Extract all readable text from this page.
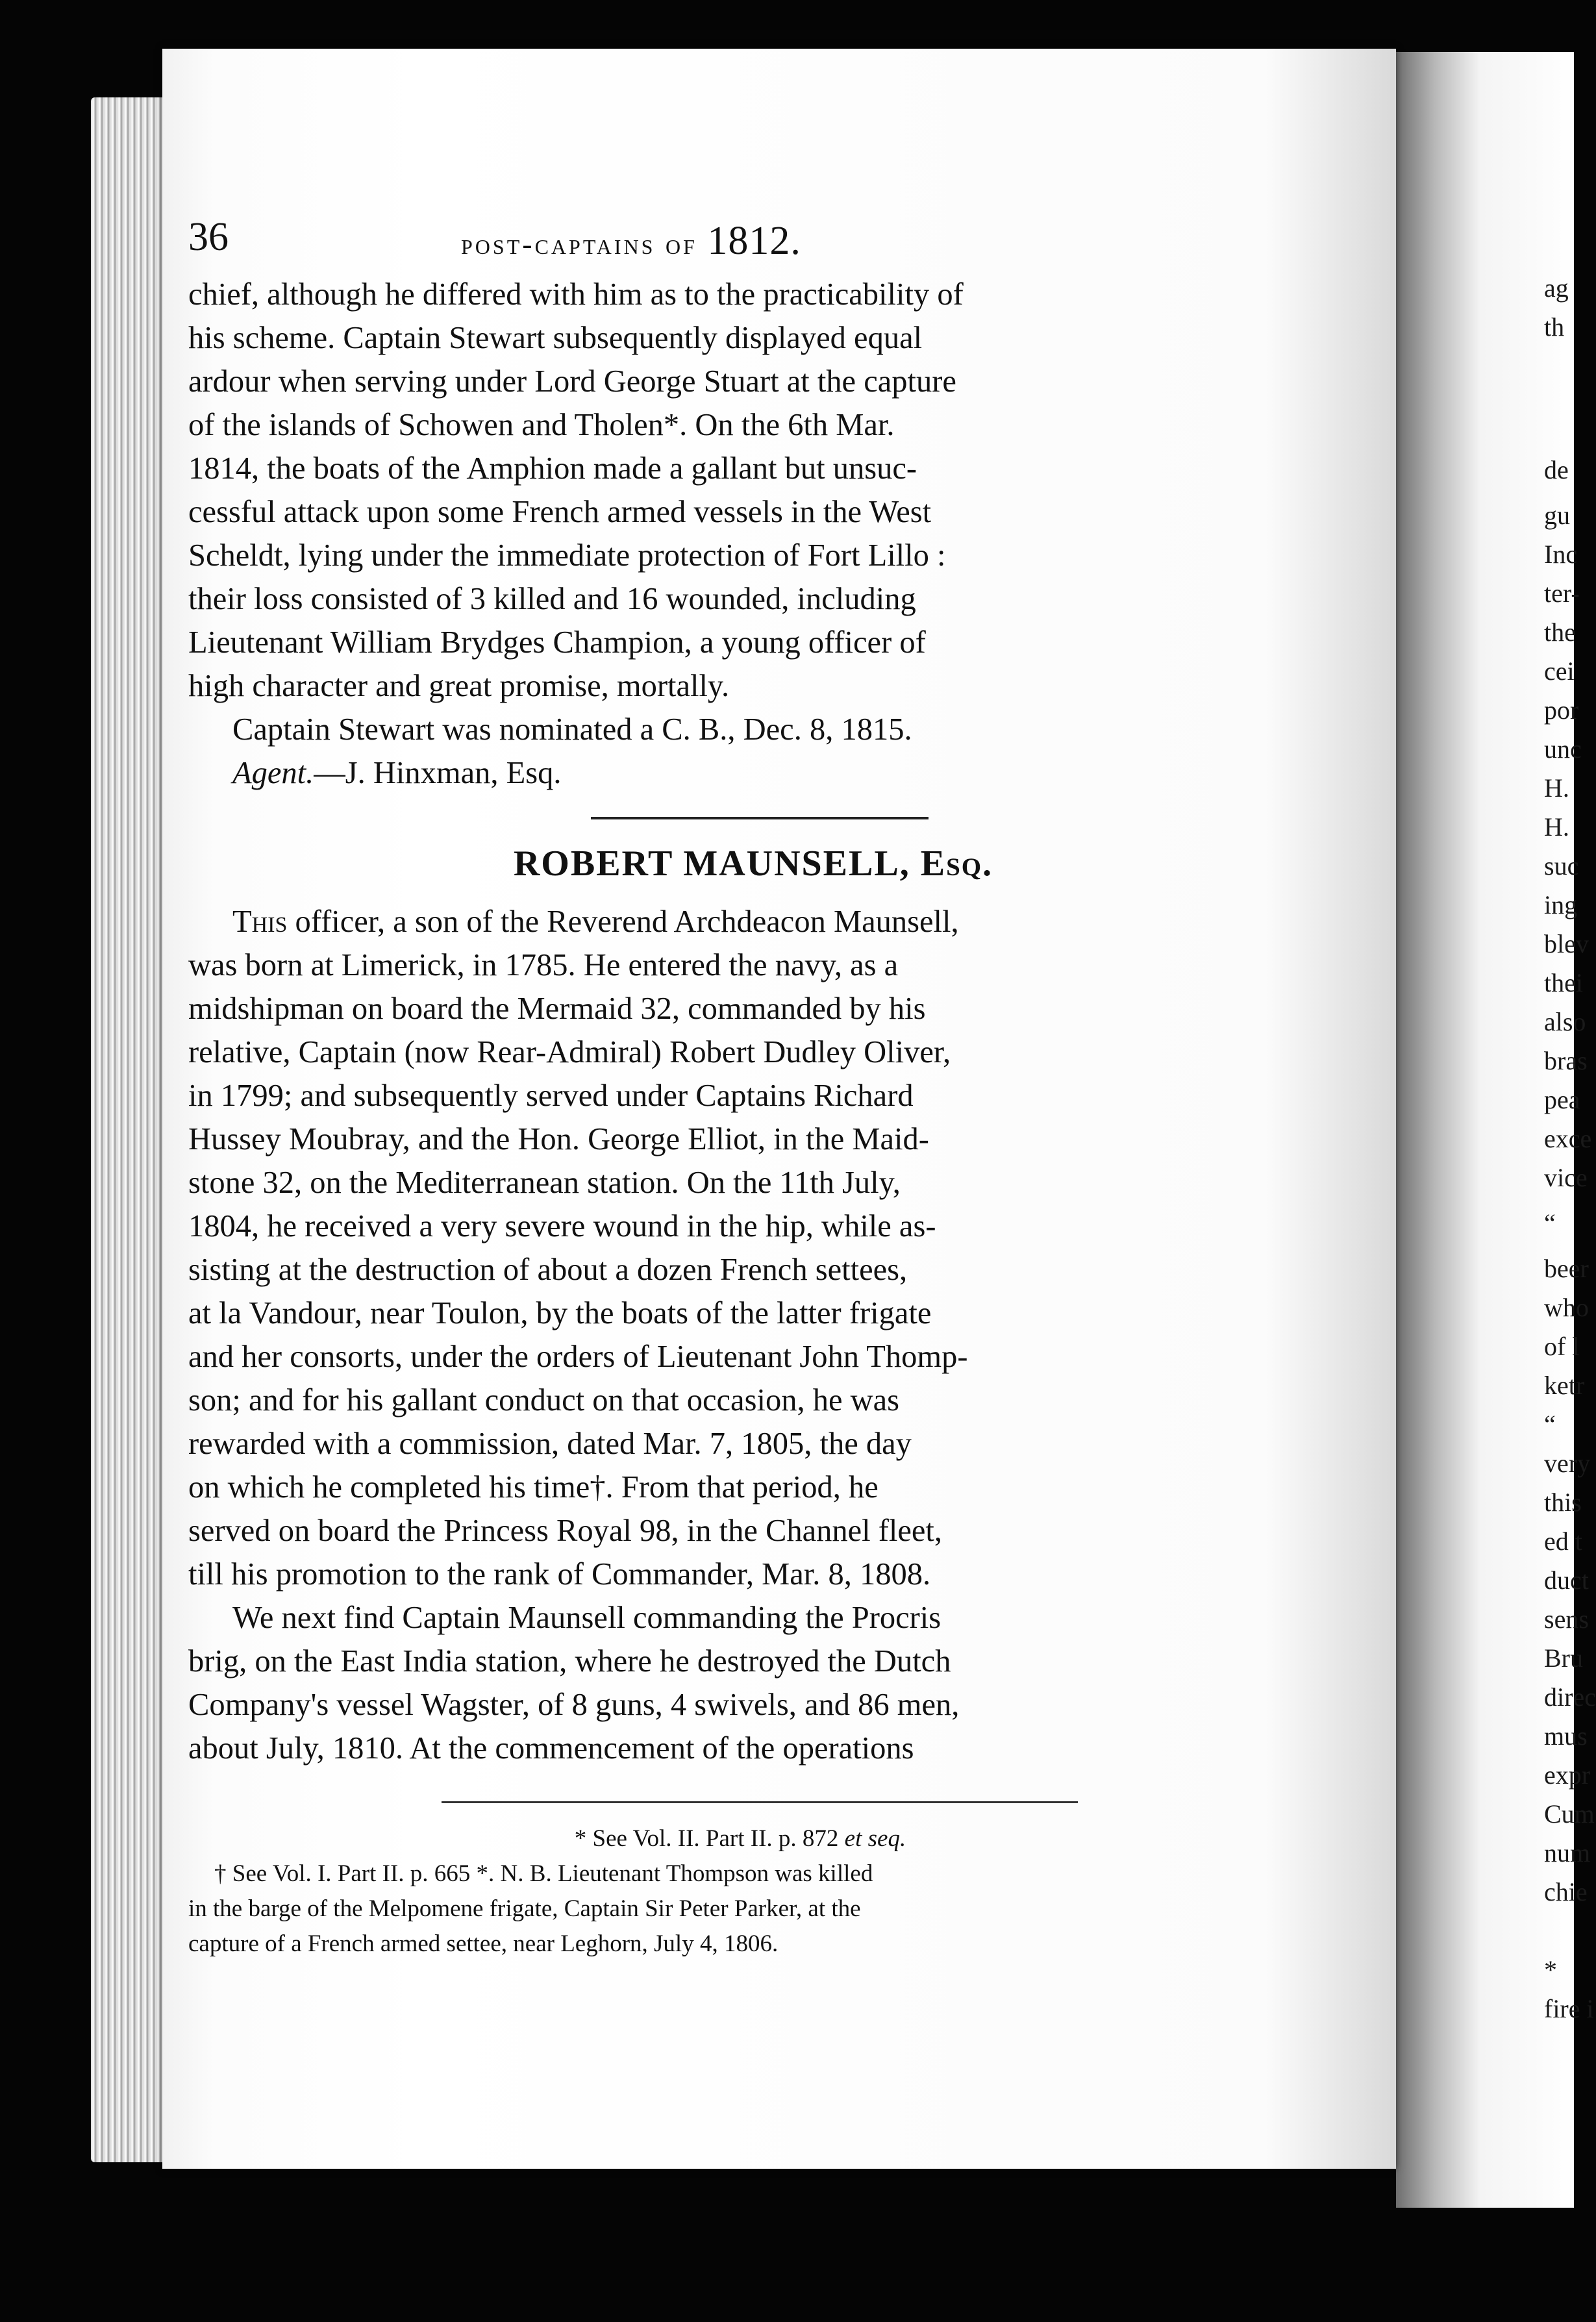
ag
th
de
gu
Inc
ter-
the
cei
por
unc
H.
H.
suc
ing
blev
thei
also
bras
pea
exce
vice
“
beer
who
of l
ketr
“
very
this
ed t
duct
sens
Bru
direc
mus
expr
Cum
num
chie
*
fire i
36	post-captains of 1812.

chief, although he differed with him as to the practicability of
his scheme. Captain Stewart subsequently displayed equal
ardour when serving under Lord George Stuart at the capture
of the islands of Schowen and Tholen*. On the 6th Mar.
1814, the boats of the Amphion made a gallant but unsuc-
cessful attack upon some French armed vessels in the West
Scheldt, lying under the immediate protection of Fort Lillo :
their loss consisted of 3 killed and 16 wounded, including
Lieutenant William Brydges Champion, a young officer of
high character and great promise, mortally.

Captain Stewart was nominated a C. B., Dec. 8, 1815.

Agent.—J. Hinxman, Esq.

ROBERT MAUNSELL, Esq.

This officer, a son of the Reverend Archdeacon Maunsell,
was born at Limerick, in 1785. He entered the navy, as a
midshipman on board the Mermaid 32, commanded by his
relative, Captain (now Rear-Admiral) Robert Dudley Oliver,
in 1799; and subsequently served under Captains Richard
Hussey Moubray, and the Hon. George Elliot, in the Maid-
stone 32, on the Mediterranean station. On the 11th July,
1804, he received a very severe wound in the hip, while as-
sisting at the destruction of about a dozen French settees,
at la Vandour, near Toulon, by the boats of the latter frigate
and her consorts, under the orders of Lieutenant John Thomp-
son; and for his gallant conduct on that occasion, he was
rewarded with a commission, dated Mar. 7, 1805, the day
on which he completed his time†. From that period, he
served on board the Princess Royal 98, in the Channel fleet,
till his promotion to the rank of Commander, Mar. 8, 1808.

We next find Captain Maunsell commanding the Procris
brig, on the East India station, where he destroyed the Dutch
Company's vessel Wagster, of 8 guns, 4 swivels, and 86 men,
about July, 1810. At the commencement of the operations

* See Vol. II. Part II. p. 872 et seq.

† See Vol. I. Part II. p. 665 *. N. B. Lieutenant Thompson was killed
in the barge of the Melpomene frigate, Captain Sir Peter Parker, at the
capture of a French armed settee, near Leghorn, July 4, 1806.
